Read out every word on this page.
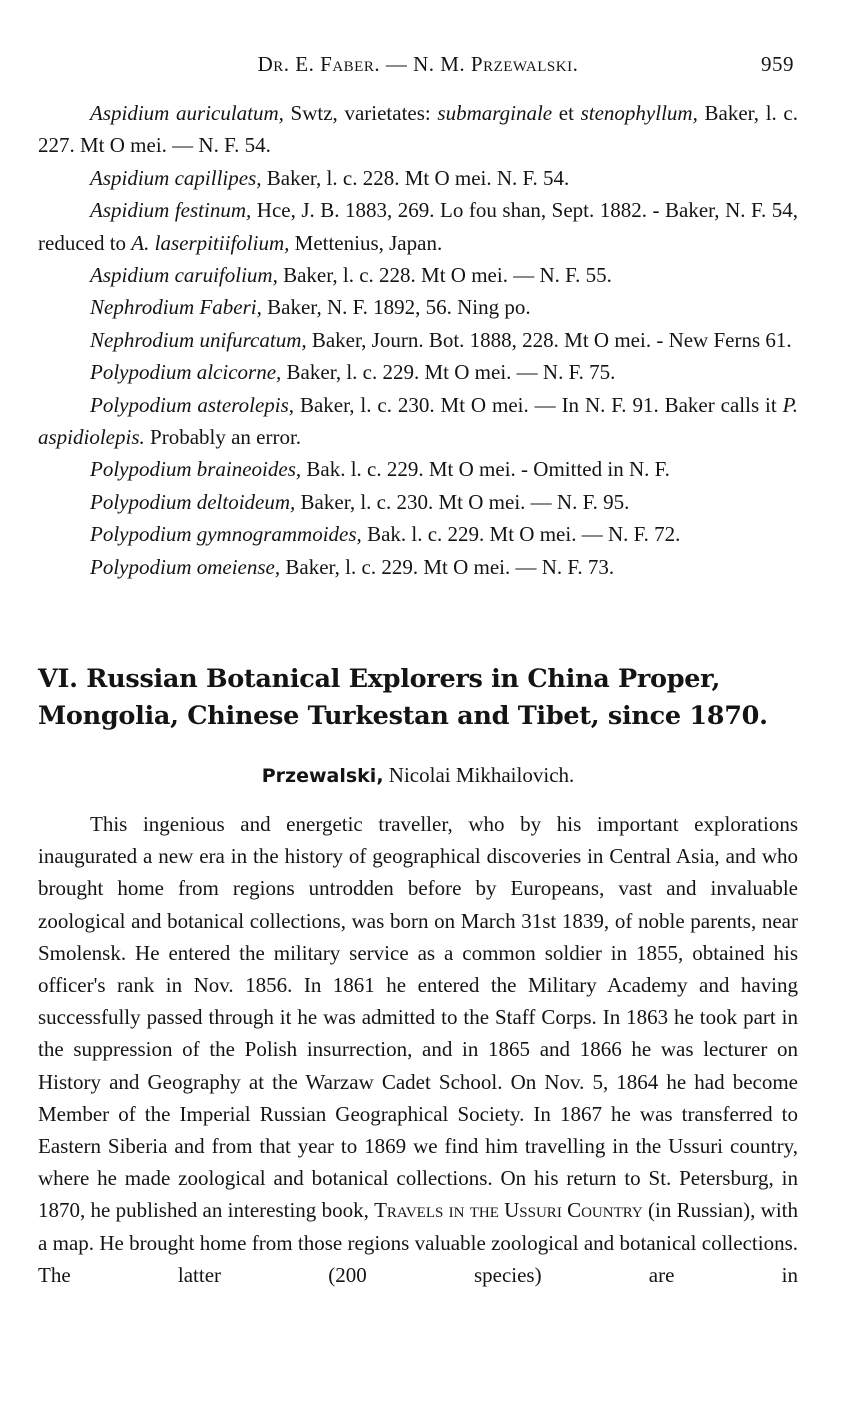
Dr. E. Faber. — N. M. Przewalski.	959

Aspidium auriculatum, Swtz, varietates: submarginale et stenophyllum, Baker, l. c. 227. Mt O mei. — N. F. 54.

Aspidium capillipes, Baker, l. c. 228. Mt O mei. N. F. 54.

Aspidium festinum, Hce, J. B. 1883, 269. Lo fou shan, Sept. 1882. - Baker, N. F. 54, reduced to A. laserpitiifolium, Mettenius, Japan.

Aspidium caruifolium, Baker, l. c. 228. Mt O mei. — N. F. 55.

Nephrodium Faberi, Baker, N. F. 1892, 56. Ning po.

Nephrodium unifurcatum, Baker, Journ. Bot. 1888, 228. Mt O mei. - New Ferns 61.

Polypodium alcicorne, Baker, l. c. 229. Mt O mei. — N. F. 75.

Polypodium asterolepis, Baker, l. c. 230. Mt O mei. — In N. F. 91. Baker calls it P. aspidiolepis. Probably an error.

Polypodium braineoides, Bak. l. c. 229. Mt O mei. - Omitted in N. F.

Polypodium deltoideum, Baker, l. c. 230. Mt O mei. — N. F. 95.

Polypodium gymnogrammoides, Bak. l. c. 229. Mt O mei. — N. F. 72.

Polypodium omeiense, Baker, l. c. 229. Mt O mei. — N. F. 73.

VI. Russian Botanical Explorers in China Proper, Mongolia, Chinese Turkestan and Tibet, since 1870.
Przewalski, Nicolai Mikhailovich.

This ingenious and energetic traveller, who by his important explorations inaugurated a new era in the history of geographical discoveries in Central Asia, and who brought home from regions untrodden before by Europeans, vast and invaluable zoological and botanical collections, was born on March 31st 1839, of noble parents, near Smolensk. He entered the military service as a common soldier in 1855, obtained his officer's rank in Nov. 1856. In 1861 he entered the Military Academy and having successfully passed through it he was admitted to the Staff Corps. In 1863 he took part in the suppression of the Polish insurrection, and in 1865 and 1866 he was lecturer on History and Geography at the Warzaw Cadet School. On Nov. 5, 1864 he had become Member of the Imperial Russian Geographical Society. In 1867 he was transferred to Eastern Siberia and from that year to 1869 we find him travelling in the Ussuri country, where he made zoological and botanical collections. On his return to St. Petersburg, in 1870, he published an interesting book, Travels in the Ussuri Country (in Russian), with a map. He brought home from those regions valuable zoological and botanical collections. The latter (200 species) are in
